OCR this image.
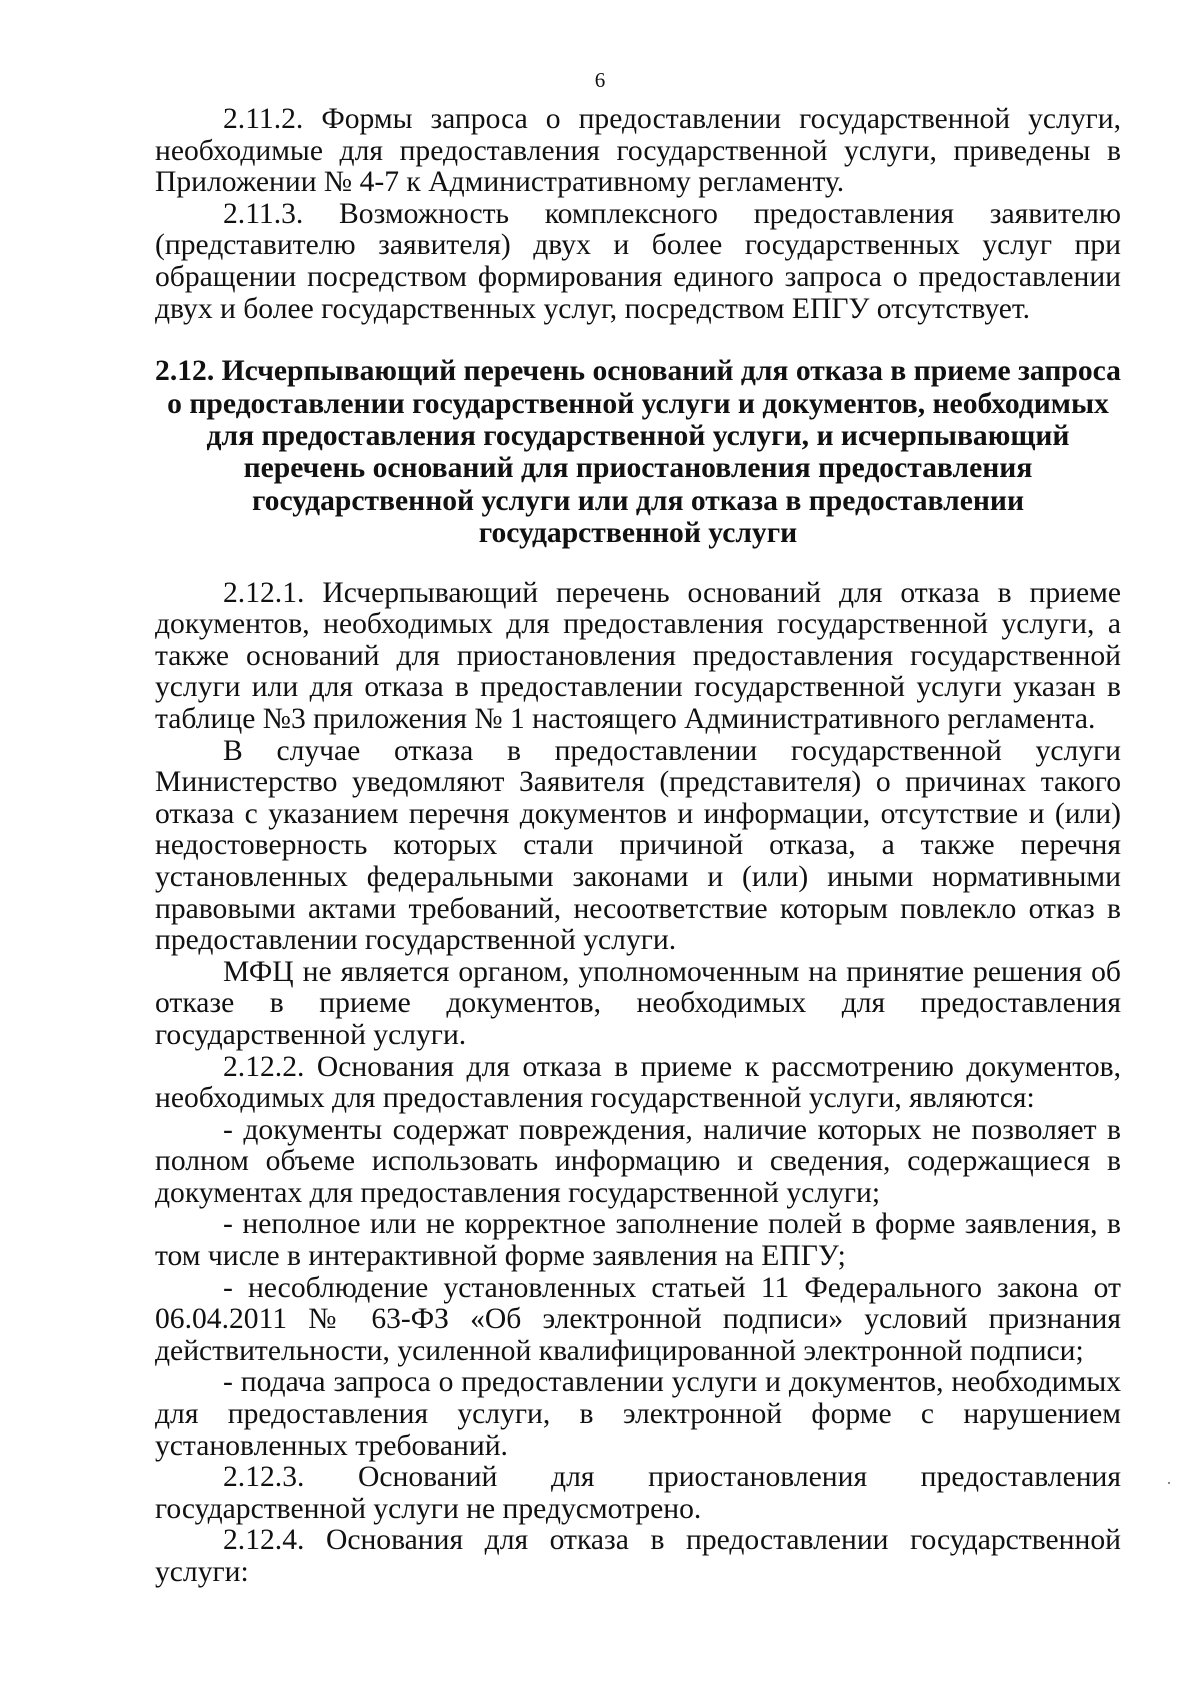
6

2.11.2. Формы запроса о предоставлении государственной услуги, необходимые для предоставления государственной услуги, приведены в Приложении № 4-7 к Административному регламенту.

2.11.3. Возможность комплексного предоставления заявителю (представителю заявителя) двух и более государственных услуг при обращении посредством формирования единого запроса о предоставлении двух и более государственных услуг, посредством ЕПГУ отсутствует.

2.12. Исчерпывающий перечень оснований для отказа в приеме запроса о предоставлении государственной услуги и документов, необходимых для предоставления государственной услуги, и исчерпывающий перечень оснований для приостановления предоставления государственной услуги или для отказа в предоставлении государственной услуги

2.12.1. Исчерпывающий перечень оснований для отказа в приеме документов, необходимых для предоставления государственной услуги, а также оснований для приостановления предоставления государственной услуги или для отказа в предоставлении государственной услуги указан в таблице №3 приложения № 1 настоящего Административного регламента.

В случае отказа в предоставлении государственной услуги Министерство уведомляют Заявителя (представителя) о причинах такого отказа с указанием перечня документов и информации, отсутствие и (или) недостоверность которых стали причиной отказа, а также перечня установленных федеральными законами и (или) иными нормативными правовыми актами требований, несоответствие которым повлекло отказ в предоставлении государственной услуги.

МФЦ не является органом, уполномоченным на принятие решения об отказе в приеме документов, необходимых для предоставления государственной услуги.

2.12.2. Основания для отказа в приеме к рассмотрению документов, необходимых для предоставления государственной услуги, являются:

- документы содержат повреждения, наличие которых не позволяет в полном объеме использовать информацию и сведения, содержащиеся в документах для предоставления государственной услуги;

- неполное или не корректное заполнение полей в форме заявления, в том числе в интерактивной форме заявления на ЕПГУ;

- несоблюдение установленных статьей 11 Федерального закона от 06.04.2011 № 63-ФЗ «Об электронной подписи» условий признания действительности, усиленной квалифицированной электронной подписи;

- подача запроса о предоставлении услуги и документов, необходимых для предоставления услуги, в электронной форме с нарушением установленных требований.

2.12.3. Оснований для приостановления предоставления государственной услуги не предусмотрено.

2.12.4. Основания для отказа в предоставлении государственной услуги:
